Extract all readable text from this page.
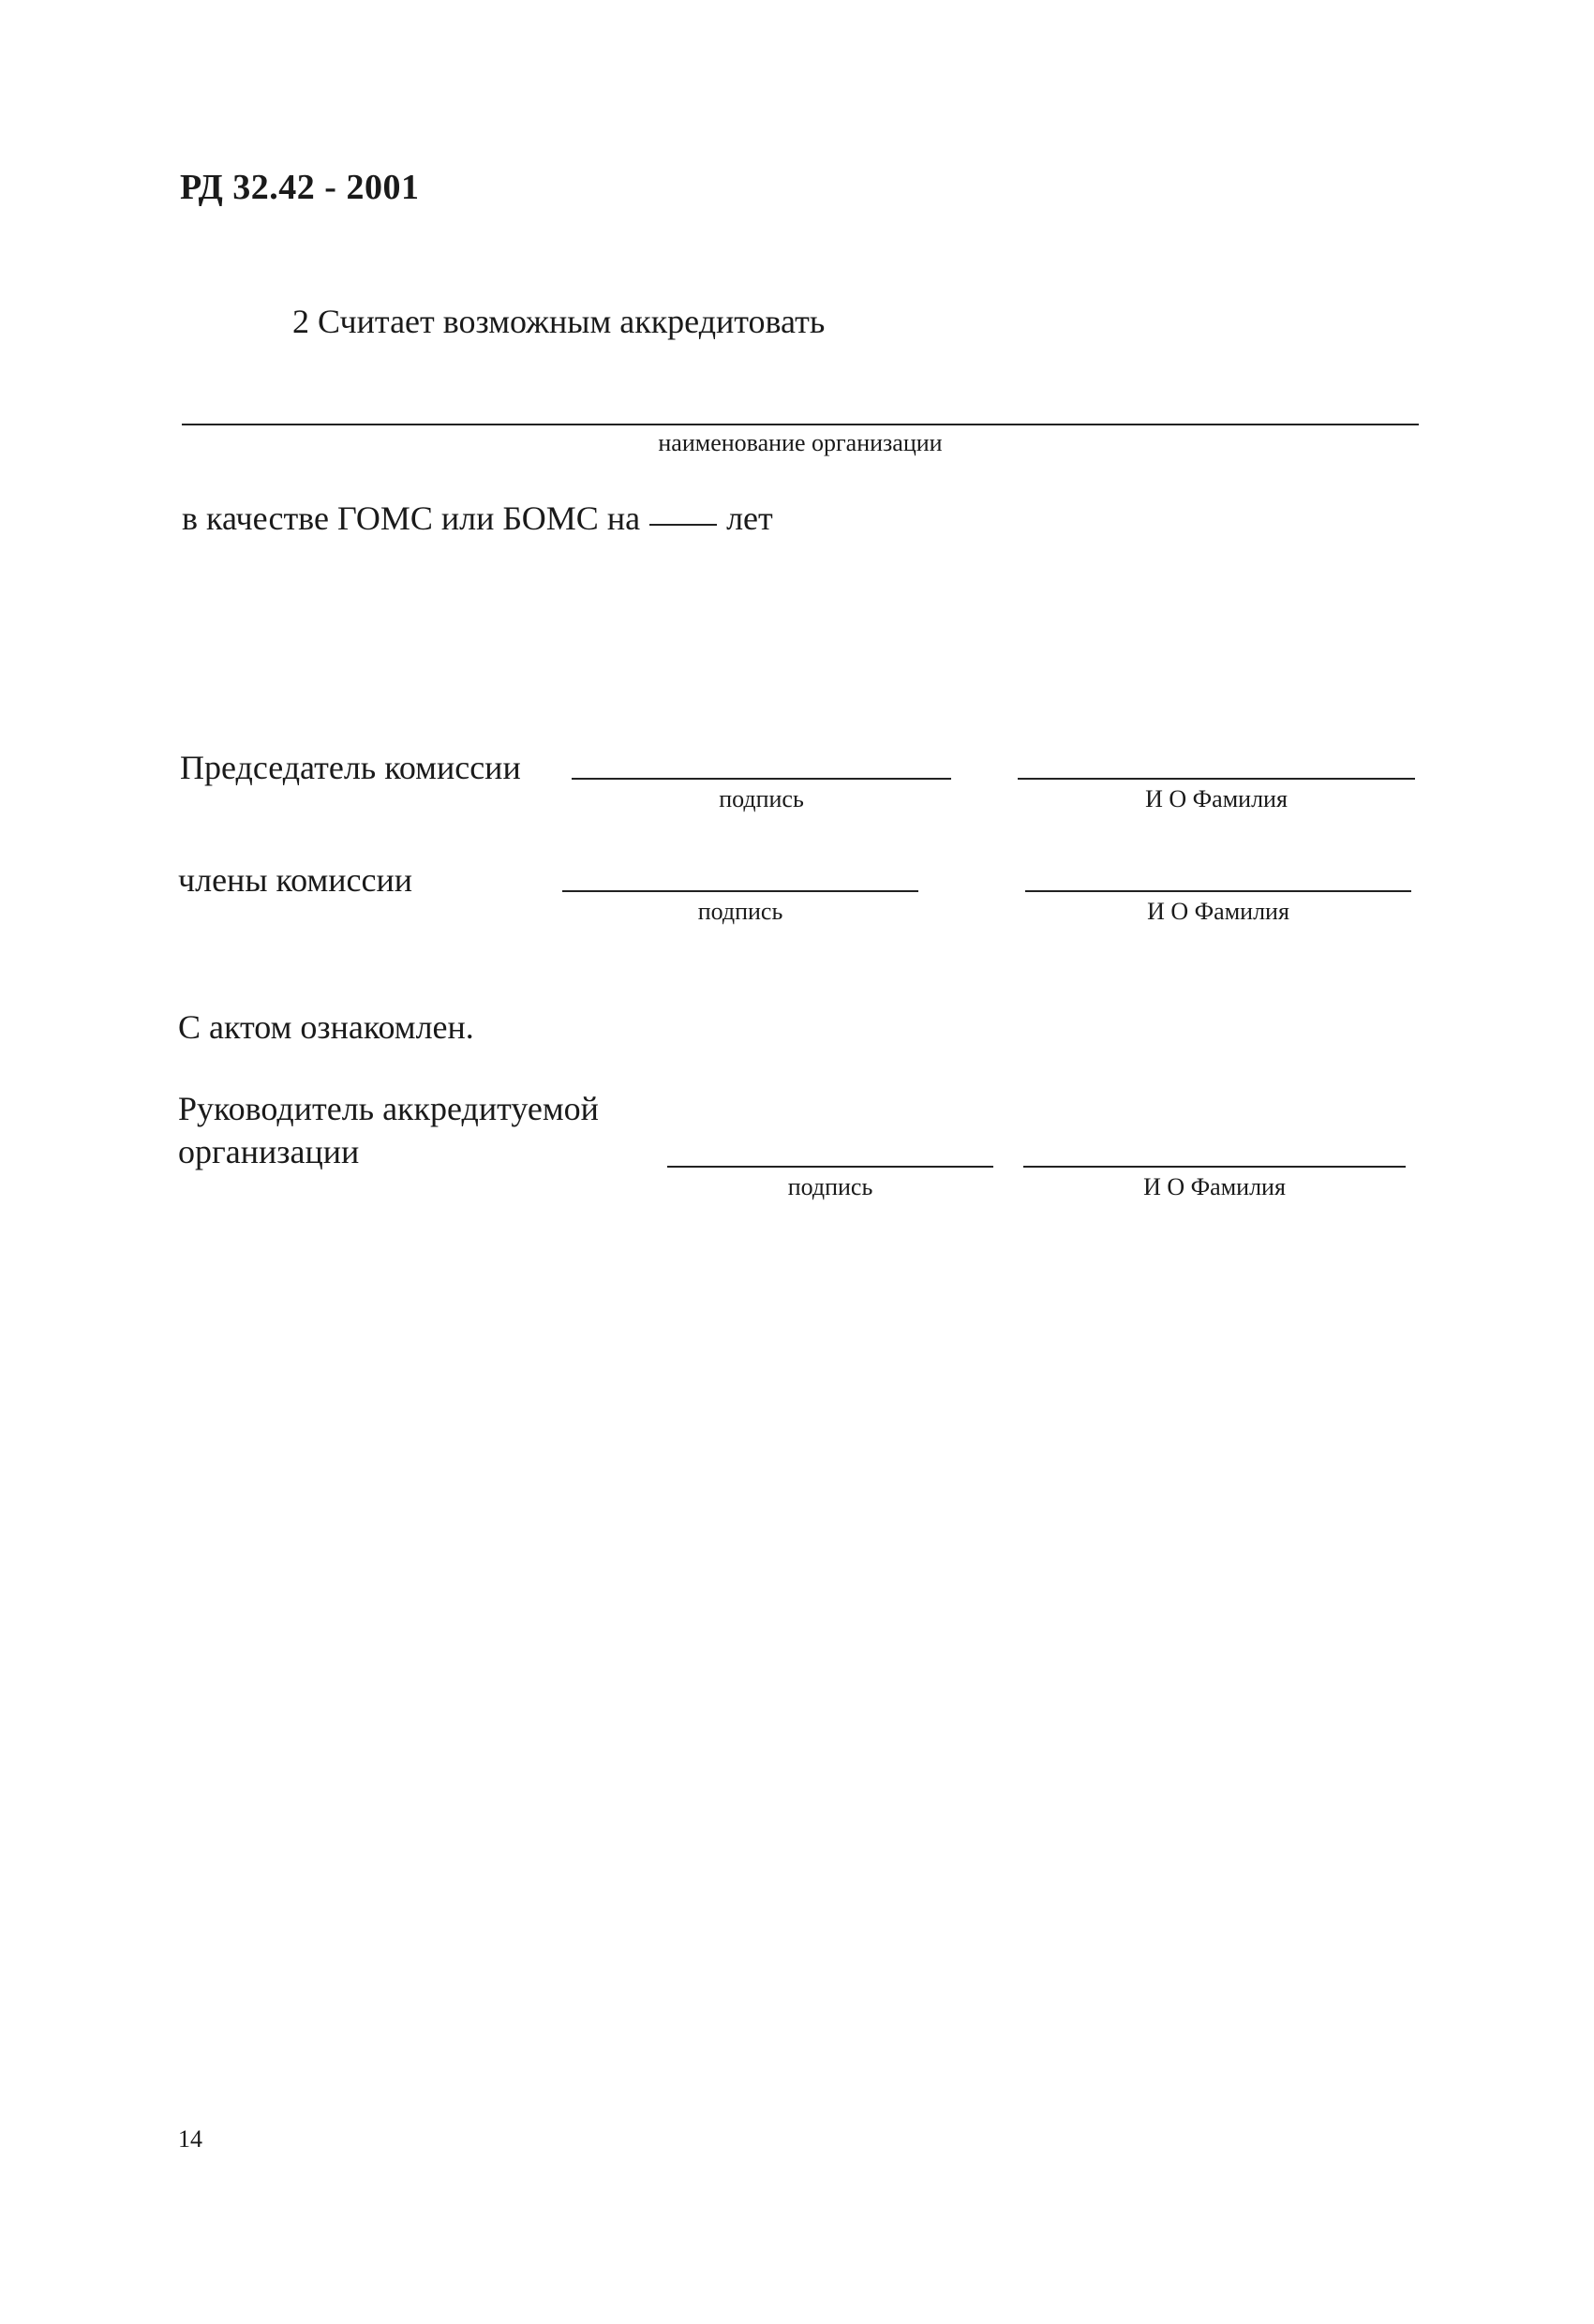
РД 32.42 - 2001
2 Считает возможным аккредитовать
наименование организации
в качестве ГОМС или БОМС на	лет
Председатель комиссии
подпись	И О Фамилия
члены комиссии
подпись	И О Фамилия
С актом ознакомлен.
Руководитель аккредитуемой
организации
подпись	И О Фамилия
14
